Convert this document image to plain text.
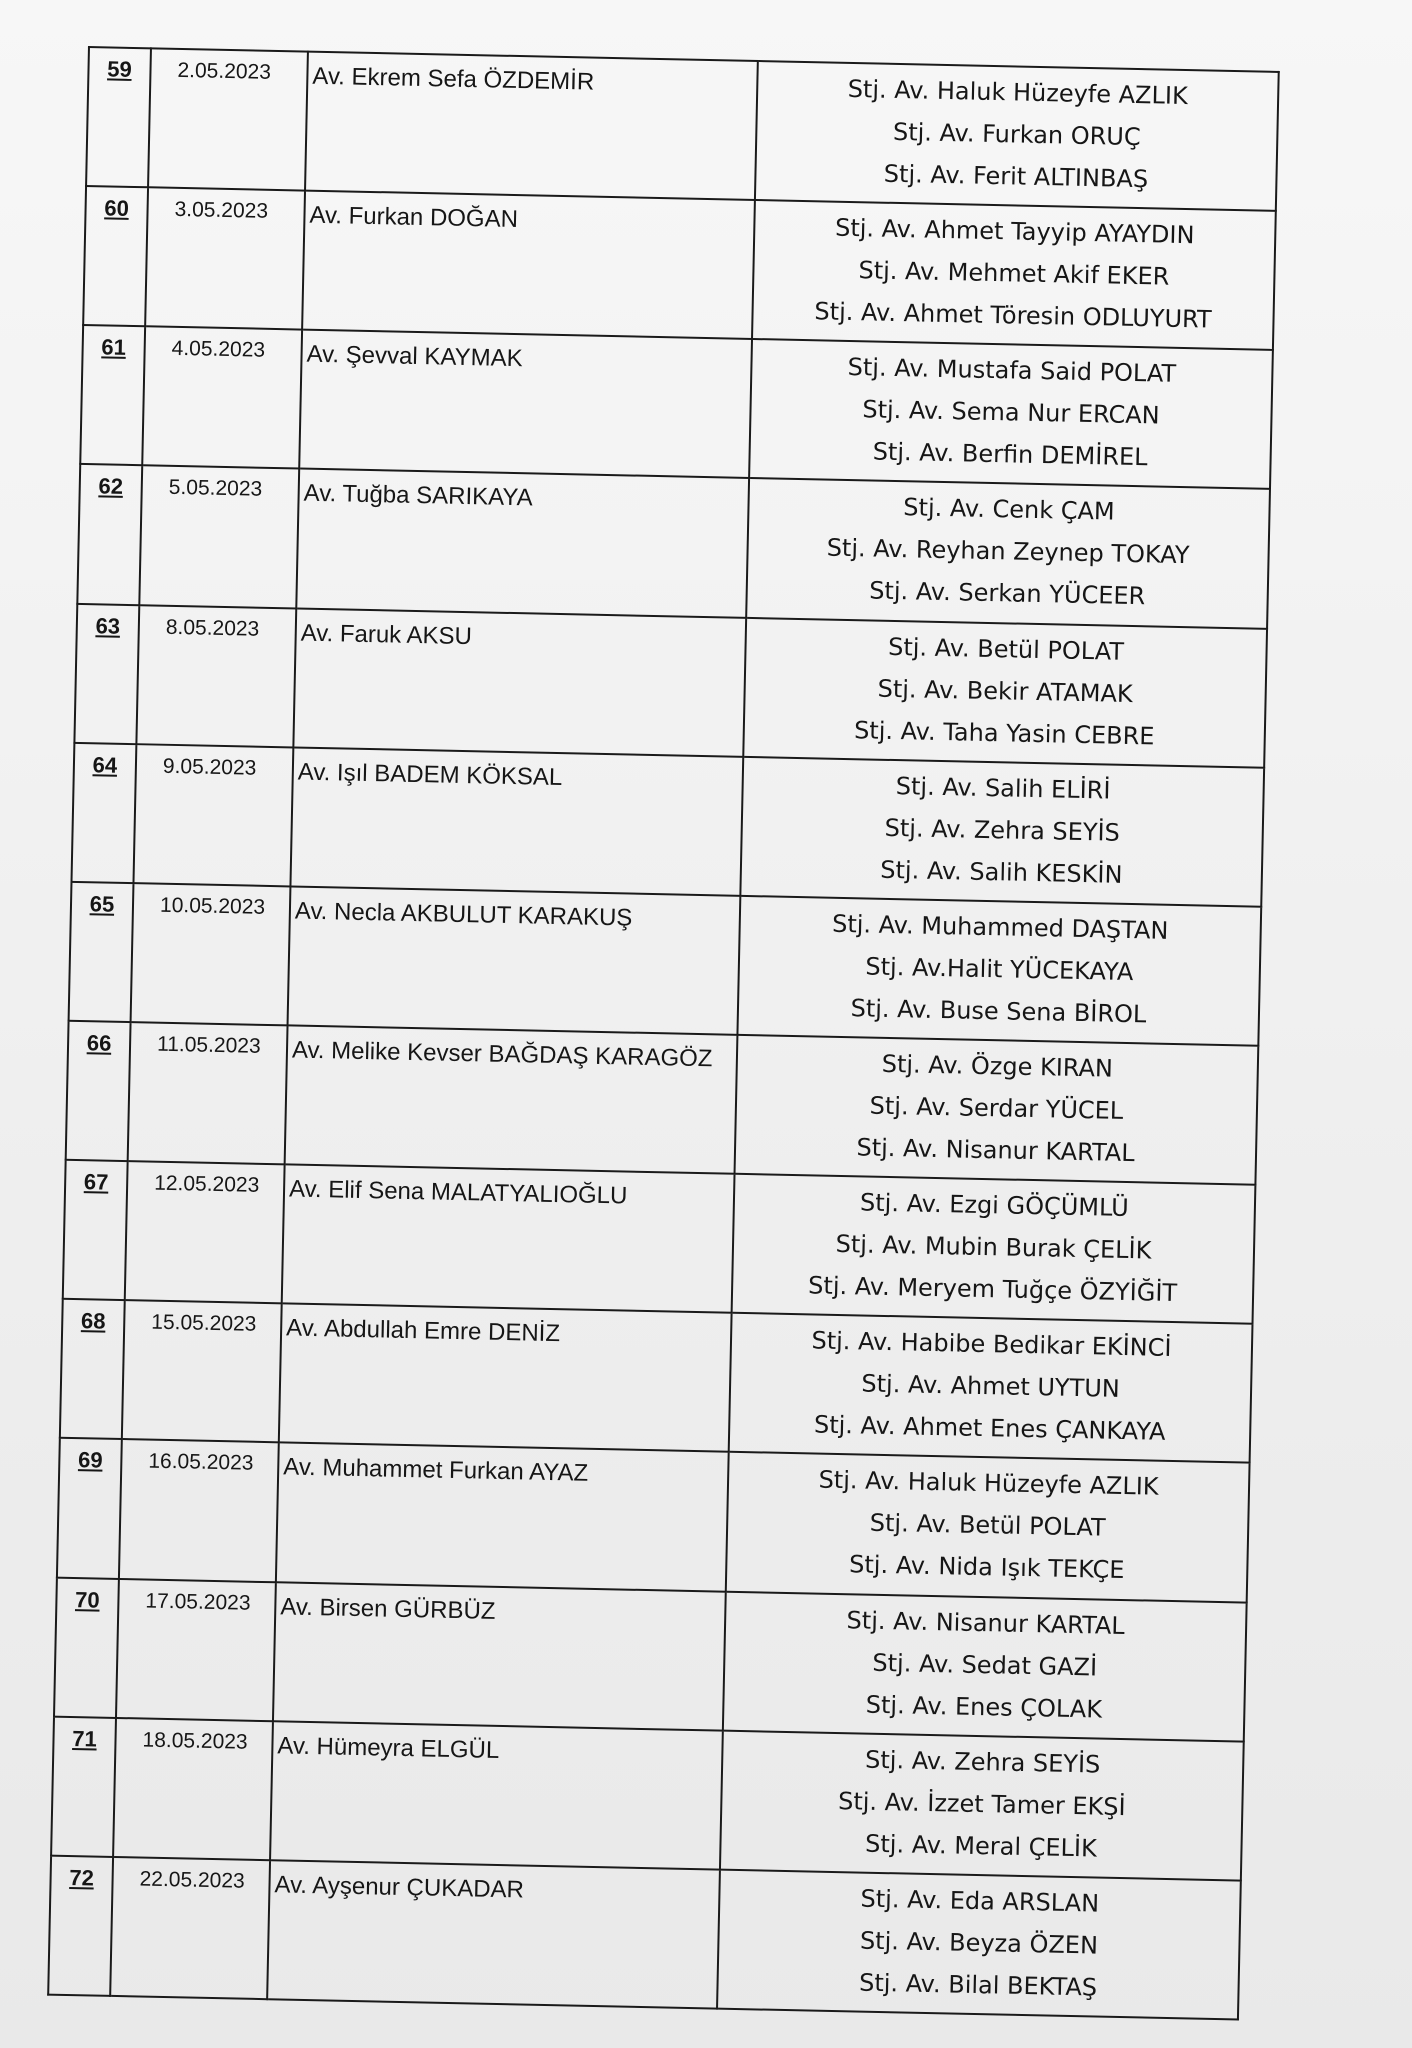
59	2.05.2023	Av. Ekrem Sefa ÖZDEMİR	Stj. Av. Haluk Hüzeyfe AZLIK
Stj. Av. Furkan ORUÇ
Stj. Av. Ferit ALTINBAŞ

60	3.05.2023	Av. Furkan DOĞAN	Stj. Av. Ahmet Tayyip AYAYDIN
Stj. Av. Mehmet Akif EKER
Stj. Av. Ahmet Töresin ODLUYURT

61	4.05.2023	Av. Şevval KAYMAK	Stj. Av. Mustafa Said POLAT
Stj. Av. Sema Nur ERCAN
Stj. Av. Berfin DEMİREL

62	5.05.2023	Av. Tuğba SARIKAYA	Stj. Av. Cenk ÇAM
Stj. Av. Reyhan Zeynep TOKAY
Stj. Av. Serkan YÜCEER

63	8.05.2023	Av. Faruk AKSU	Stj. Av. Betül POLAT
Stj. Av. Bekir ATAMAK
Stj. Av. Taha Yasin CEBRE

64	9.05.2023	Av. Işıl BADEM KÖKSAL	Stj. Av. Salih ELİRİ
Stj. Av. Zehra SEYİS
Stj. Av. Salih KESKİN

65	10.05.2023	Av. Necla AKBULUT KARAKUŞ	Stj. Av. Muhammed DAŞTAN
Stj. Av.Halit YÜCEKAYA
Stj. Av. Buse Sena BİROL

66	11.05.2023	Av. Melike Kevser BAĞDAŞ KARAGÖZ	Stj. Av. Özge KIRAN
Stj. Av. Serdar YÜCEL
Stj. Av. Nisanur KARTAL

67	12.05.2023	Av. Elif Sena MALATYALIOĞLU	Stj. Av. Ezgi GÖÇÜMLÜ
Stj. Av. Mubin Burak ÇELİK
Stj. Av. Meryem Tuğçe ÖZYİĞİT

68	15.05.2023	Av. Abdullah Emre DENİZ	Stj. Av. Habibe Bedikar EKİNCİ
Stj. Av. Ahmet UYTUN
Stj. Av. Ahmet Enes ÇANKAYA

69	16.05.2023	Av. Muhammet Furkan AYAZ	Stj. Av. Haluk Hüzeyfe AZLIK
Stj. Av. Betül POLAT
Stj. Av. Nida Işık TEKÇE

70	17.05.2023	Av. Birsen GÜRBÜZ	Stj. Av. Nisanur KARTAL
Stj. Av. Sedat GAZİ
Stj. Av. Enes ÇOLAK

71	18.05.2023	Av. Hümeyra ELGÜL	Stj. Av. Zehra SEYİS
Stj. Av. İzzet Tamer EKŞİ
Stj. Av. Meral ÇELİK

72	22.05.2023	Av. Ayşenur ÇUKADAR	Stj. Av. Eda ARSLAN
Stj. Av. Beyza ÖZEN
Stj. Av. Bilal BEKTAŞ
